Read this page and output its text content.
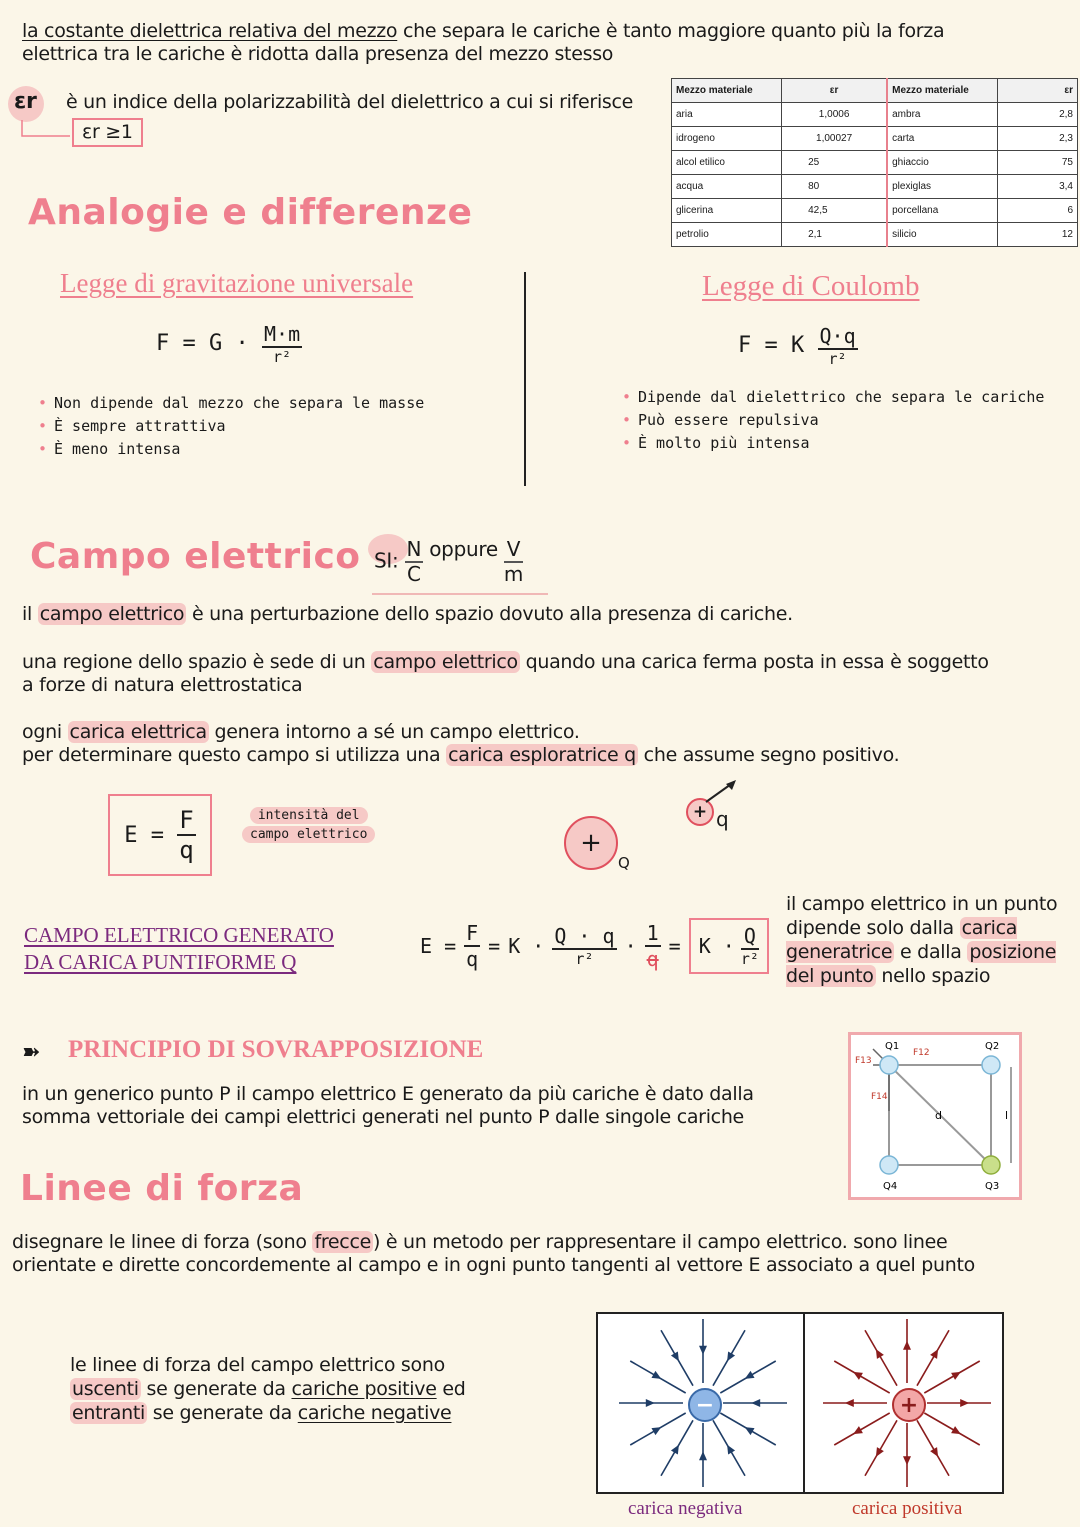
la costante dielettrica relativa del mezzo che separa le cariche è tanto maggiore quanto più la forza
elettrica tra le cariche è ridotta dalla presenza del mezzo stesso
εr è un indice della polarizzabilità del dielettrico a cui si riferisce
εr ≥1
Mezzo materiale	εr	Mezzo materiale	εr
aria	1,0006	ambra	2,8
idrogeno	1,00027	carta	2,3
alcol etilico	25	ghiaccio	75
acqua	80	plexiglas	3,4
glicerina	42,5	porcellana	6
petrolio	2,1	silicio	12
Analogie e differenze
Legge di gravitazione universale
$F = G \cdot \frac{M\cdot m}{\text{r²}}$
• Non dipende dal mezzo che separa le masse
• È sempre attrattiva
• È meno intensa
Legge di Coulomb
F = K $\frac{Q\cdot q}{\text{r²}}$
• Dipende dal dielettrico che separa le cariche
• Può essere repulsiva
• È molto più intensa
Campo elettrico SI: $\frac{N}{C}$ oppure $\frac{V}{m}$
il campo elettrico è una perturbazione dello spazio dovuto alla presenza di cariche.
una regione dello spazio è sede di un campo elettrico quando una carica ferma posta in essa è soggetto
a forze di natura elettrostatica
ogni carica elettrica genera intorno a sé un campo elettrico.
per determinare questo campo si utilizza una carica esploratrice q che assume segno positivo.
E =
$\frac{F}{q}$	intensità del
campo elettrico	+
Q
+ q
CAMPO ELETTRICO GENERATO
DA CARICA PUNTIFORME Q
$E = \frac{F}{q} = K \cdot \frac{Q \cdot q}{\text{r²}} \cdot \frac{1}{q} = K \cdot \frac{Q}{\text{r²}}$
il campo elettrico in un punto dipende solo dalla carica generatrice e dalla posizione del punto nello spazio
➽ PRINCIPIO DI SOVRAPPOSIZIONE
in un generico punto P il campo elettrico E generato da più cariche è dato dalla
somma vettoriale dei campi elettrici generati nel punto P dalle singole cariche
Q1	Q2
Q3
Q4
F13
F12
F14
d	l
Linee di forza
disegnare le linee di forza (sono frecce ) è un metodo per rappresentare il campo elettrico. sono linee
orientate e dirette concordemente al campo e in ogni punto tangenti al vettore E associato a quel punto
le linee di forza del campo elettrico sono
uscenti se generate da cariche positive ed
entranti se generate da cariche negative	−	+
carica negativa	carica positiva
